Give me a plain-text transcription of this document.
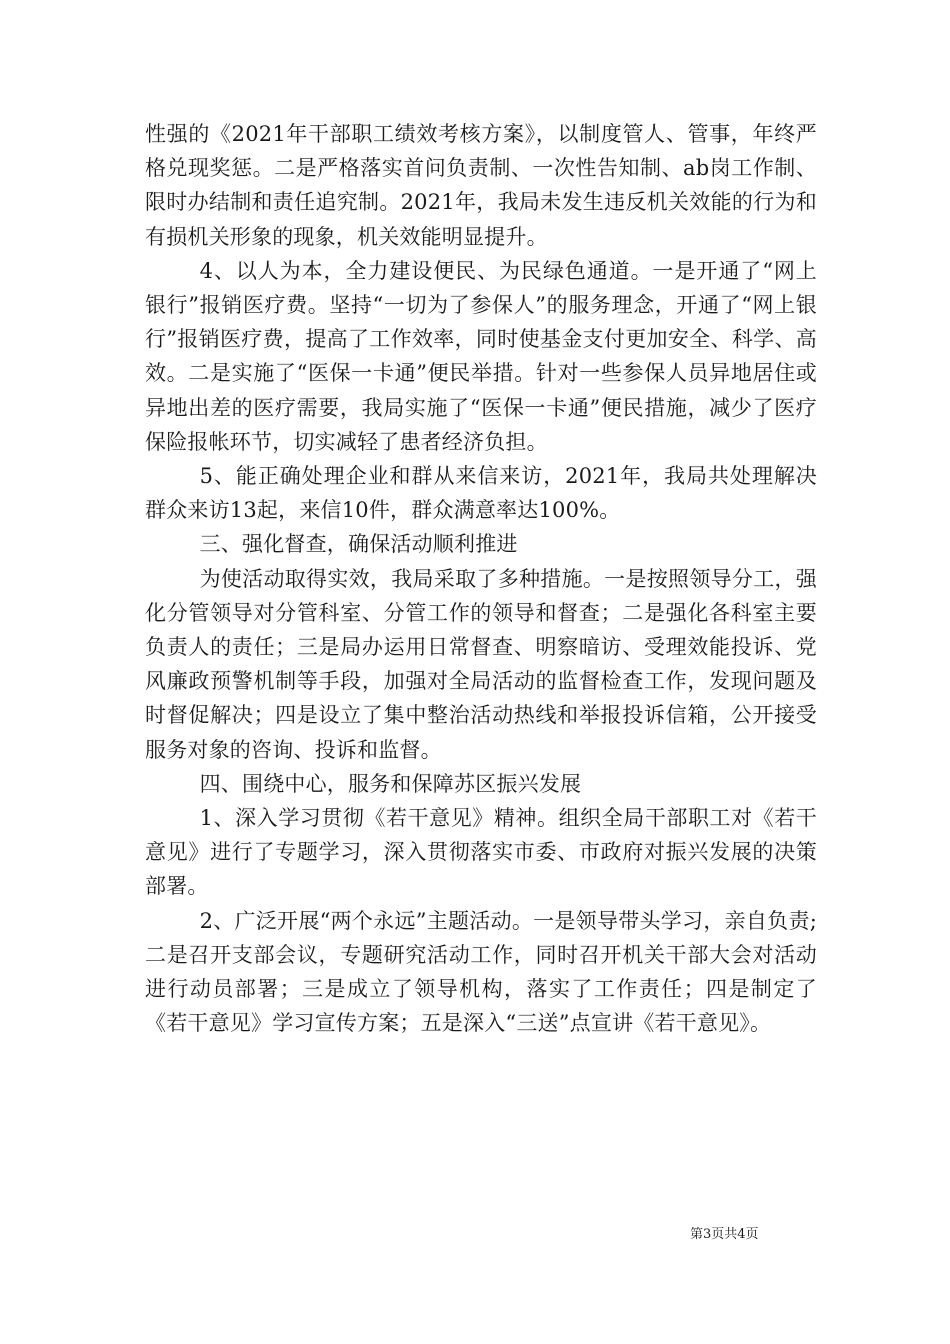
性强的《2021年干部职工绩效考核方案》，以制度管人、管事，年终严格兑现奖惩。二是严格落实首问负责制、一次性告知制、ab岗工作制、限时办结制和责任追究制。2021年，我局未发生违反机关效能的行为和有损机关形象的现象，机关效能明显提升。

4、以人为本，全力建设便民、为民绿色通道。一是开通了“网上银行”报销医疗费。坚持“一切为了参保人”的服务理念，开通了“网上银行”报销医疗费，提高了工作效率，同时使基金支付更加安全、科学、高效。二是实施了“医保一卡通”便民举措。针对一些参保人员异地居住或异地出差的医疗需要，我局实施了“医保一卡通”便民措施，减少了医疗保险报帐环节，切实减轻了患者经济负担。

5、能正确处理企业和群从来信来访，2021年，我局共处理解决群众来访13起，来信10件，群众满意率达100%。

三、强化督查，确保活动顺利推进

为使活动取得实效，我局采取了多种措施。一是按照领导分工，强化分管领导对分管科室、分管工作的领导和督查；二是强化各科室主要负责人的责任；三是局办运用日常督查、明察暗访、受理效能投诉、党风廉政预警机制等手段，加强对全局活动的监督检查工作，发现问题及时督促解决；四是设立了集中整治活动热线和举报投诉信箱，公开接受服务对象的咨询、投诉和监督。

四、围绕中心，服务和保障苏区振兴发展

1、深入学习贯彻《若干意见》精神。组织全局干部职工对《若干意见》进行了专题学习，深入贯彻落实市委、市政府对振兴发展的决策部署。

2、广泛开展“两个永远”主题活动。一是领导带头学习，亲自负责;二是召开支部会议，专题研究活动工作，同时召开机关干部大会对活动进行动员部署；三是成立了领导机构，落实了工作责任；四是制定了《若干意见》学习宣传方案；五是深入“三送”点宣讲《若干意见》。

第3页共4页
